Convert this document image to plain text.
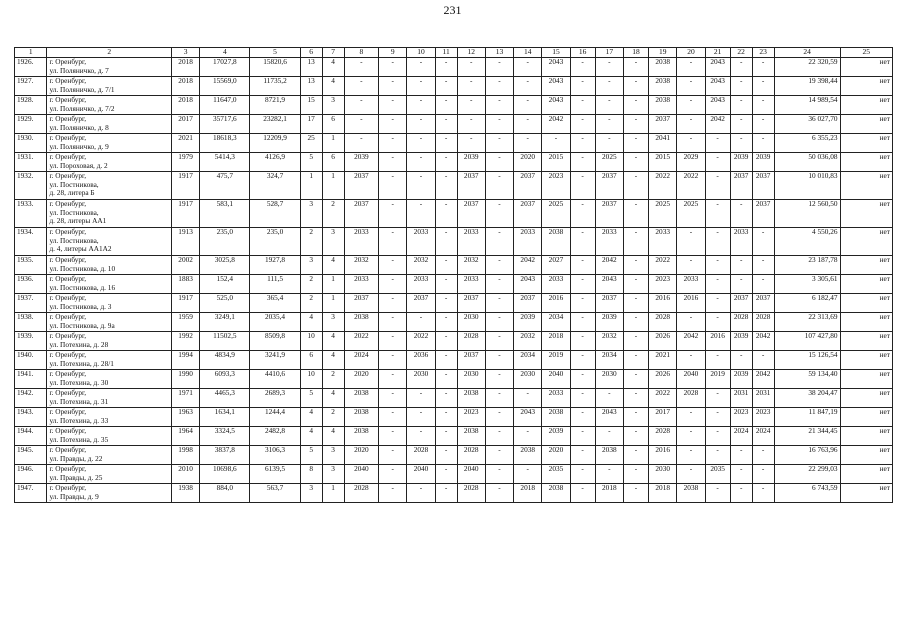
231
1	2	3	4	5	6	7	8	9	10	11	12	13	14	15	16	17	18	19	20	21	22	23	24	25
1926.	г. Оренбург,
ул. Поляничко, д. 7	2018	17027,8	15820,6	13	4	-	-	-	-	-	-	-	2043	-	-	-	2038	-	2043	-	-	22 320,59	нет
1927.	г. Оренбург,
ул. Поляничко, д. 7/1	2018	15569,0	11735,2	13	4	-	-	-	-	-	-	-	2043	-	-	-	2038	-	2043	-	-	19 398,44	нет
1928.	г. Оренбург,
ул. Поляничко, д. 7/2	2018	11647,0	8721,9	15	3	-	-	-	-	-	-	-	2043	-	-	-	2038	-	2043	-	-	14 989,54	нет
1929.	г. Оренбург,
ул. Поляничко, д. 8	2017	35717,6	23282,1	17	6	-	-	-	-	-	-	-	2042	-	-	-	2037	-	2042	-	-	36 027,70	нет
1930.	г. Оренбург,
ул. Поляничко, д. 9	2021	18618,3	12209,9	25	1	-	-	-	-	-	-	-	-	-	-	-	2041	-	-	-	-	6 355,23	нет
1931.	г. Оренбург,
ул. Пороховая, д. 2	1979	5414,3	4126,9	5	6	2039	-	-	-	2039	-	2020	2015	-	2025	-	2015	2029	-	2039	2039	50 036,08	нет
1932.	г. Оренбург,
ул. Постникова,
д. 28, литера Б	1917	475,7	324,7	1	1	2037	-	-	-	2037	-	2037	2023	-	2037	-	2022	2022	-	2037	2037	10 010,83	нет
1933.	г. Оренбург,
ул. Постникова,
д. 28, литеры АА1	1917	583,1	528,7	3	2	2037	-	-	-	2037	-	2037	2025	-	2037	-	2025	2025	-	-	2037	12 560,50	нет
1934.	г. Оренбург,
ул. Постникова,
д. 4, литеры АА1А2	1913	235,0	235,0	2	3	2033	-	2033	-	2033	-	2033	2038	-	2033	-	2033	-	-	2033	-	4 550,26	нет
1935.	г. Оренбург,
ул. Постникова, д. 10	2002	3025,8	1927,8	3	4	2032	-	2032	-	2032	-	2042	2027	-	2042	-	2022	-	-	-	-	23 187,78	нет
1936.	г. Оренбург,
ул. Постникова, д. 16	1883	152,4	111,5	2	1	2033	-	2033	-	2033	-	2043	2033	-	2043	-	2023	2033	-	-	-	3 305,61	нет
1937.	г. Оренбург,
ул. Постникова, д. 3	1917	525,0	365,4	2	1	2037	-	2037	-	2037	-	2037	2016	-	2037	-	2016	2016	-	2037	2037	6 182,47	нет
1938.	г. Оренбург,
ул. Постникова, д. 9а	1959	3249,1	2035,4	4	3	2038	-	-	-	2030	-	2039	2034	-	2039	-	2028	-	-	2028	2028	22 313,69	нет
1939.	г. Оренбург,
ул. Потехина, д. 28	1992	11502,5	8509,8	10	4	2022	-	2022	-	2028	-	2032	2018	-	2032	-	2026	2042	2016	2039	2042	107 427,80	нет
1940.	г. Оренбург,
ул. Потехина, д. 28/1	1994	4834,9	3241,9	6	4	2024	-	2036	-	2037	-	2034	2019	-	2034	-	2021	-	-	-	-	15 126,54	нет
1941.	г. Оренбург,
ул. Потехина, д. 30	1990	6093,3	4410,6	10	2	2020	-	2030	-	2030	-	2030	2040	-	2030	-	2026	2040	2019	2039	2042	59 134,40	нет
1942.	г. Оренбург,
ул. Потехина, д. 31	1971	4465,3	2689,3	5	4	2038	-	-	-	2038	-	-	2033	-	-	-	2022	2028	-	2031	2031	38 204,47	нет
1943.	г. Оренбург,
ул. Потехина, д. 33	1963	1634,1	1244,4	4	2	2038	-	-	-	2023	-	2043	2038	-	2043	-	2017	-	-	2023	2023	11 847,19	нет
1944.	г. Оренбург,
ул. Потехина, д. 35	1964	3324,5	2482,8	4	4	2038	-	-	-	2038	-	-	2039	-	-	-	2028	-	-	2024	2024	21 344,45	нет
1945.	г. Оренбург,
ул. Правды, д. 22	1998	3837,8	3106,3	5	3	2020	-	2028	-	2028	-	2038	2020	-	2038	-	2016	-	-	-	-	16 763,96	нет
1946.	г. Оренбург,
ул. Правды, д. 25	2010	10698,6	6139,5	8	3	2040	-	2040	-	2040	-	-	2035	-	-	-	2030	-	2035	-	-	22 299,03	нет
1947.	г. Оренбург,
ул. Правды, д. 9	1938	884,0	563,7	3	1	2028	-	-	-	2028	-	2018	2038	-	2018	-	2018	2038	-	-	-	6 743,59	нет
